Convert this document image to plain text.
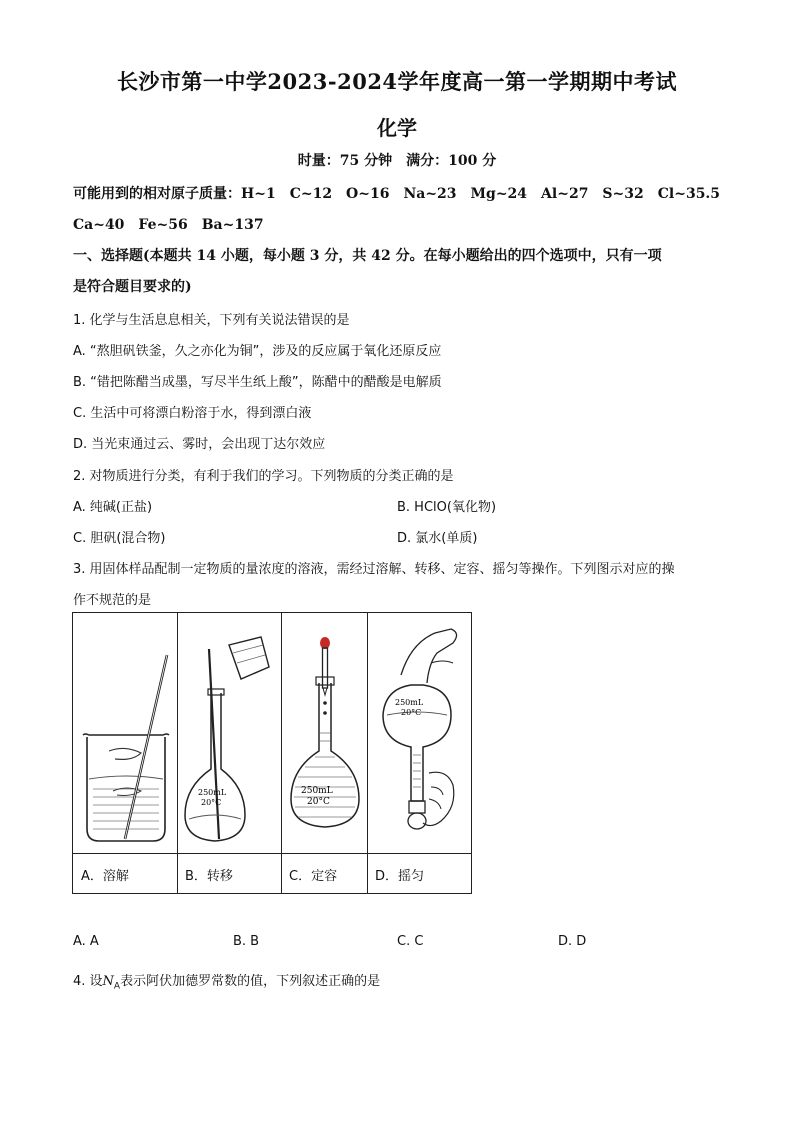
长沙市第一中学2023-2024学年度高一第一学期期中考试
化学
时量：75 分钟　满分：100 分
可能用到的相对原子质量：H~1　C~12　O~16　Na~23　Mg~24　Al~27　S~32　Cl~35.5
Ca~40　Fe~56　Ba~137
一、选择题(本题共 14 小题，每小题 3 分，共 42 分。在每小题给出的四个选项中，只有一项
是符合题目要求的)
1. 化学与生活息息相关，下列有关说法错误的是
A. “熬胆矾铁釜，久之亦化为铜”，涉及的反应属于氧化还原反应
B. “错把陈醋当成墨，写尽半生纸上酸”，陈醋中的醋酸是电解质
C. 生活中可将漂白粉溶于水，得到漂白液
D. 当光束通过云、雾时，会出现丁达尔效应
2. 对物质进行分类，有利于我们的学习。下列物质的分类正确的是
A. 纯碱(正盐)	B. HClO(氧化物)
C. 胆矾(混合物)	D. 氯水(单质)
3. 用固体样品配制一定物质的量浓度的溶液，需经过溶解、转移、定容、摇匀等操作。下列图示对应的操
作不规范的是
250mL
20°C
250mL
20°C
250mL
20°C
A．溶解	B．转移	C．定容	D．摇匀
A. A	B. B	C. C	D. D
4. 设$N_A$表示阿伏加德罗常数的值，下列叙述正确的是
